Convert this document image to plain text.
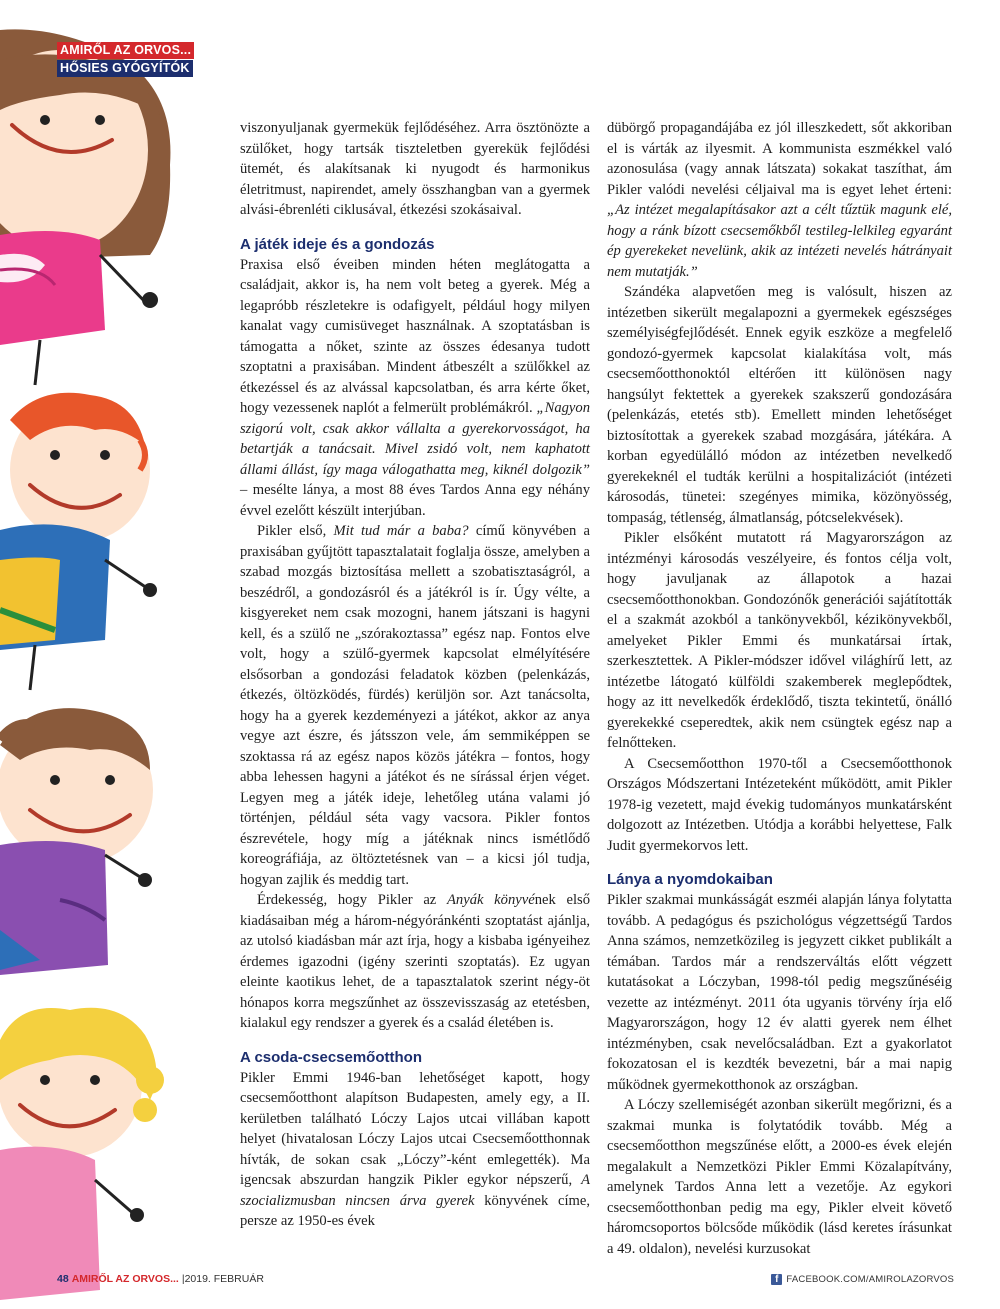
AMIRŐL AZ ORVOS...
HŐSIES GYÓGYÍTÓK

viszonyuljanak gyermekük fejlődéséhez. Arra ösztönözte a szülőket, hogy tartsák tiszteletben gyerekük fejlődési ütemét, és alakítsanak ki nyugodt és harmonikus életritmust, napirendet, amely összhangban van a gyermek alvási-ébrenléti ciklusával, étkezési szokásaival.

A játék ideje és a gondozás

Praxisa első éveiben minden héten meglátogatta a családjait, akkor is, ha nem volt beteg a gyerek. Még a legapróbb részletekre is odafigyelt, például hogy milyen kanalat vagy cumisüveget használnak. A szoptatásban is támogatta a nőket, szinte az összes édesanya tudott szoptatni a praxisában. Mindent átbeszélt a szülőkkel az étkezéssel és az alvással kapcsolatban, és arra kérte őket, hogy vezessenek naplót a felmerült problémákról. „Nagyon szigorú volt, csak akkor vállalta a gyerekorvosságot, ha betartják a tanácsait. Mivel zsidó volt, nem kaphatott állami állást, így maga válogathatta meg, kiknél dolgozik” – mesélte lánya, a most 88 éves Tardos Anna egy néhány évvel ezelőtt készült interjúban.

Pikler első, Mit tud már a baba? című könyvében a praxisában gyűjtött tapasztalatait foglalja össze, amelyben a szabad mozgás biztosítása mellett a szobatisztaságról, a beszédről, a gondozásról és a játékról is ír. Úgy vélte, a kisgyereket nem csak mozogni, hanem játszani is hagyni kell, és a szülő ne „szórakoztassa” egész nap. Fontos elve volt, hogy a szülő-gyermek kapcsolat elmélyítésére elsősorban a gondozási feladatok közben (pelenkázás, étkezés, öltözködés, fürdés) kerüljön sor. Azt tanácsolta, hogy ha a gyerek kezdeményezi a játékot, akkor az anya vegye azt észre, és játsszon vele, ám semmiképpen se szoktassa rá az egész napos közös játékra – fontos, hogy abba lehessen hagyni a játékot és ne sírással érjen véget. Legyen meg a játék ideje, lehetőleg utána valami jó történjen, például séta vagy vacsora. Pikler fontos észrevétele, hogy míg a játéknak nincs ismétlődő koreográfiája, az öltöztetésnek van – a kicsi jól tudja, hogyan zajlik és meddig tart.

Érdekesség, hogy Pikler az Anyák könyvének első kiadásaiban még a három-négyóránkénti szoptatást ajánlja, az utolsó kiadásban már azt írja, hogy a kisbaba igényeihez érdemes igazodni (igény szerinti szoptatás). Ez ugyan eleinte kaotikus lehet, de a tapasztalatok szerint négy-öt hónapos korra megszűnhet az összevisszaság az etetésben, kialakul egy rendszer a gyerek és a család életében is.

A csoda-csecsemőotthon

Pikler Emmi 1946-ban lehetőséget kapott, hogy csecsemőotthont alapítson Budapesten, amely egy, a II. kerületben található Lóczy Lajos utcai villában kapott helyet (hivatalosan Lóczy Lajos utcai Csecsemőotthonnak hívták, de sokan csak „Lóczy”-ként emlegették). Ma igencsak abszurdan hangzik Pikler egykor népszerű, A szocializmusban nincsen árva gyerek könyvének címe, persze az 1950-es évek

dübörgő propagandájába ez jól illeszkedett, sőt akkoriban el is várták az ilyesmit. A kommunista eszmékkel való azonosulása (vagy annak látszata) sokakat taszíthat, ám Pikler valódi nevelési céljaival ma is egyet lehet érteni: „Az intézet megalapításakor azt a célt tűztük magunk elé, hogy a ránk bízott csecsemőkből testileg-lelkileg egyaránt ép gyerekeket nevelünk, akik az intézeti nevelés hátrányait nem mutatják.”

Szándéka alapvetően meg is valósult, hiszen az intézetben sikerült megalapozni a gyermekek egészséges személyiségfejlődését. Ennek egyik eszköze a megfelelő gondozó-gyermek kapcsolat kialakítása volt, más csecsemőotthonoktól eltérően itt különösen nagy hangsúlyt fektettek a gyerekek szakszerű gondozására (pelenkázás, etetés stb). Emellett minden lehetőséget biztosítottak a gyerekek szabad mozgására, játékára. A korban egyedülálló módon az intézetben nevelkedő gyerekeknél el tudták kerülni a hospitalizációt (intézeti károsodás, tünetei: szegényes mimika, közönyösség, tompaság, tétlenség, álmatlanság, pótcselekvések).

Pikler elsőként mutatott rá Magyarországon az intézményi károsodás veszélyeire, és fontos célja volt, hogy javuljanak az állapotok a hazai csecsemőotthonokban. Gondozónők generációi sajátították el a szakmát azokból a tankönyvekből, kézikönyvekből, amelyeket Pikler Emmi és munkatársai írtak, szerkesztettek. A Pikler-módszer idővel világhírű lett, az intézetbe látogató külföldi szakemberek meglepődtek, hogy az itt nevelkedők érdeklődő, tiszta tekintetű, önálló gyerekekké cseperedtek, akik nem csüngtek egész nap a felnőtteken.

A Csecsemőotthon 1970-től a Csecsemőotthonok Országos Módszertani Intézeteként működött, amit Pikler 1978-ig vezetett, majd évekig tudományos munkatársként dolgozott az Intézetben. Utódja a korábbi helyettese, Falk Judit gyermekorvos lett.

Lánya a nyomdokaiban

Pikler szakmai munkásságát eszméi alapján lánya folytatta tovább. A pedagógus és pszichológus végzettségű Tardos Anna számos, nemzetközileg is jegyzett cikket publikált a témában. Tardos már a rendszerváltás előtt végzett kutatásokat a Lóczyban, 1998-tól pedig megszűnéséig vezette az intézményt. 2011 óta ugyanis törvény írja elő Magyarországon, hogy 12 év alatti gyerek nem élhet intézményben, csak nevelőcsaládban. Ezt a gyakorlatot fokozatosan el is kezdték bevezetni, bár a mai napig működnek gyermekotthonok az országban.

A Lóczy szellemiségét azonban sikerült megőrizni, és a szakmai munka is folytatódik tovább. Még a csecsemőotthon megszűnése előtt, a 2000-es évek elején megalakult a Nemzetközi Pikler Emmi Közalapítvány, amelynek Tardos Anna lett a vezetője. Az egykori csecsemőotthonban pedig ma egy, Pikler elveit követő háromcsoportos bölcsőde működik (lásd keretes írásunkat a 49. oldalon), nevelési kurzusokat

48 AMIRŐL AZ ORVOS... |2019. FEBRUÁR	f FACEBOOK.COM/AMIROLAZORVOS
